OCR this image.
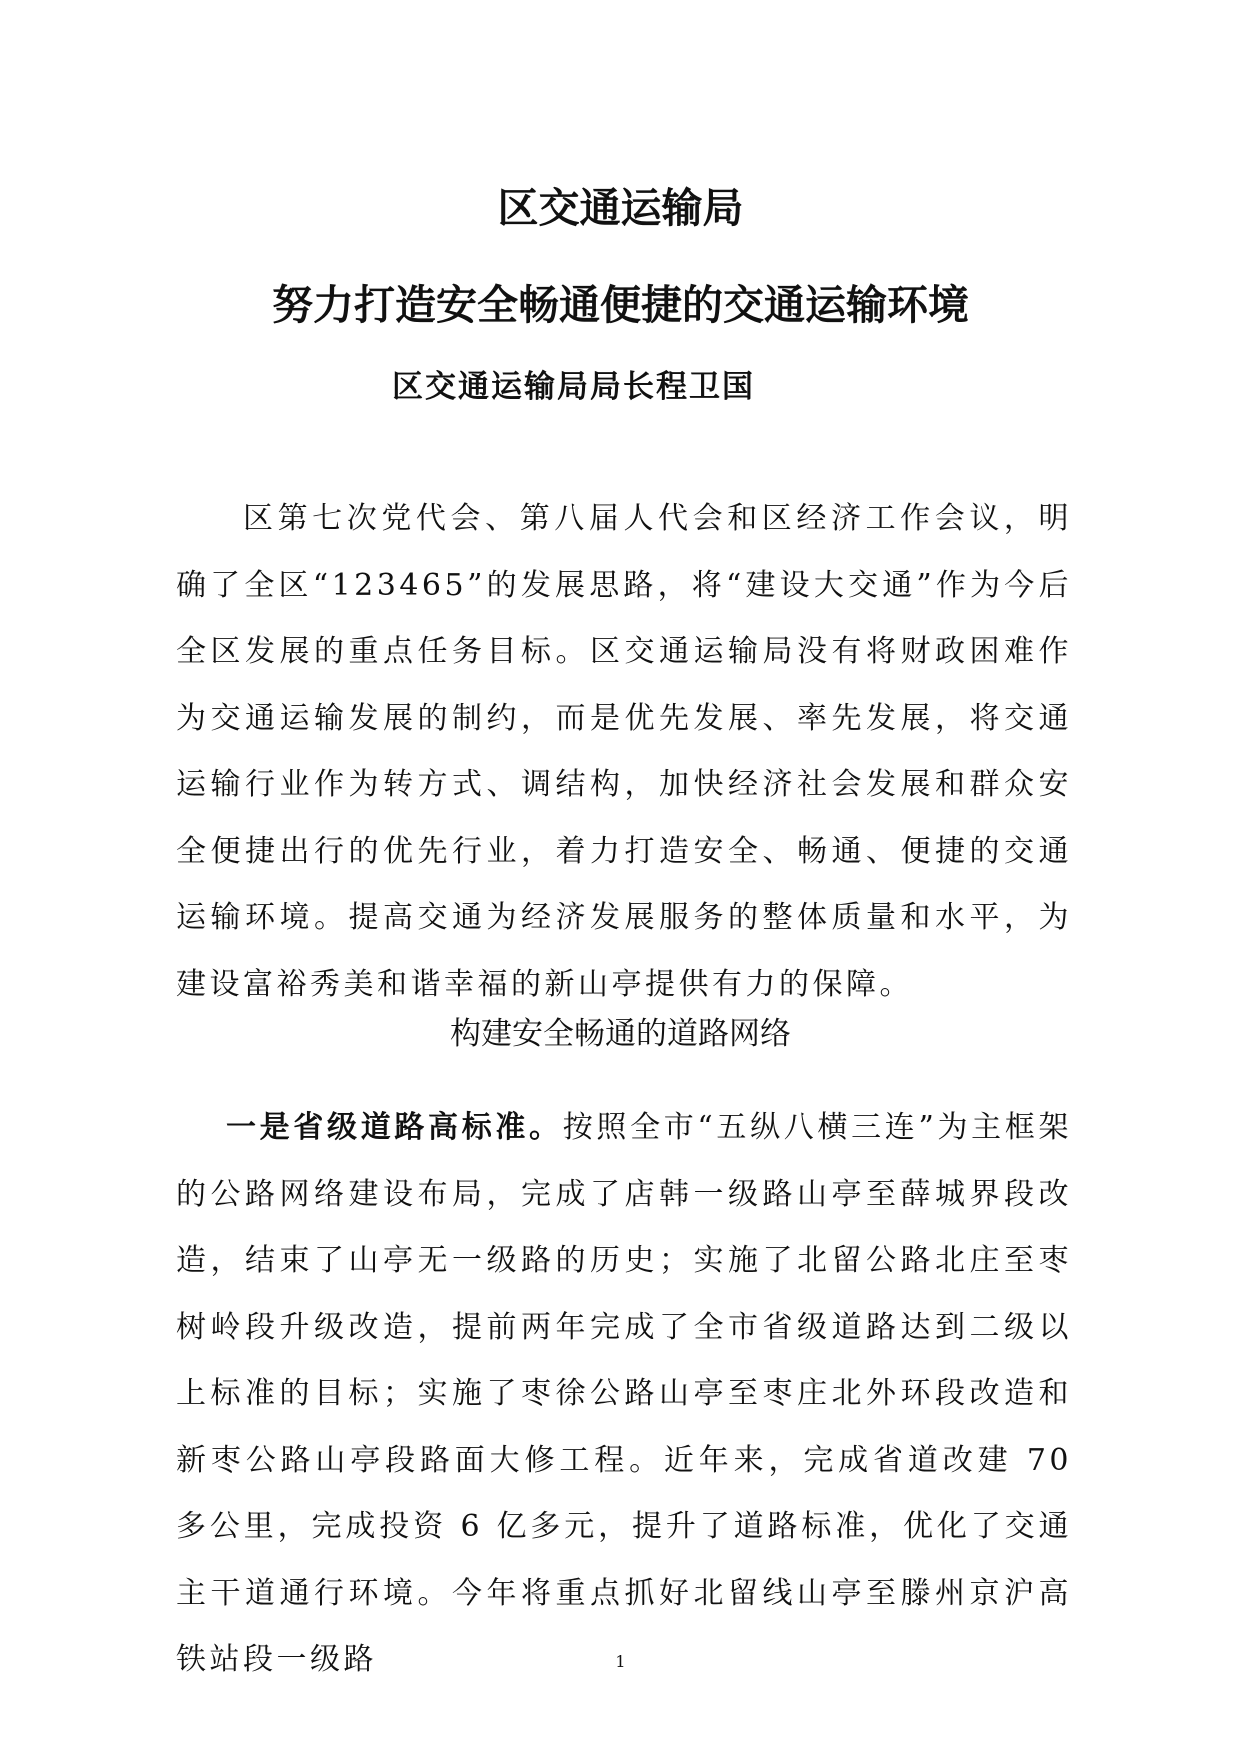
区交通运输局
努力打造安全畅通便捷的交通运输环境
区交通运输局局长程卫国

区第七次党代会、第八届人代会和区经济工作会议，明确了全区“123465”的发展思路，将“建设大交通”作为今后全区发展的重点任务目标。区交通运输局没有将财政困难作为交通运输发展的制约，而是优先发展、率先发展，将交通运输行业作为转方式、调结构，加快经济社会发展和群众安全便捷出行的优先行业，着力打造安全、畅通、便捷的交通运输环境。提高交通为经济发展服务的整体质量和水平，为建设富裕秀美和谐幸福的新山亭提供有力的保障。

构建安全畅通的道路网络

一是省级道路高标准。按照全市“五纵八横三连”为主框架的公路网络建设布局，完成了店韩一级路山亭至薛城界段改造，结束了山亭无一级路的历史；实施了北留公路北庄至枣树岭段升级改造，提前两年完成了全市省级道路达到二级以上标准的目标；实施了枣徐公路山亭至枣庄北外环段改造和新枣公路山亭段路面大修工程。近年来，完成省道改建 70 多公里，完成投资 6 亿多元，提升了道路标准，优化了交通主干道通行环境。今年将重点抓好北留线山亭至滕州京沪高铁站段一级路	1
